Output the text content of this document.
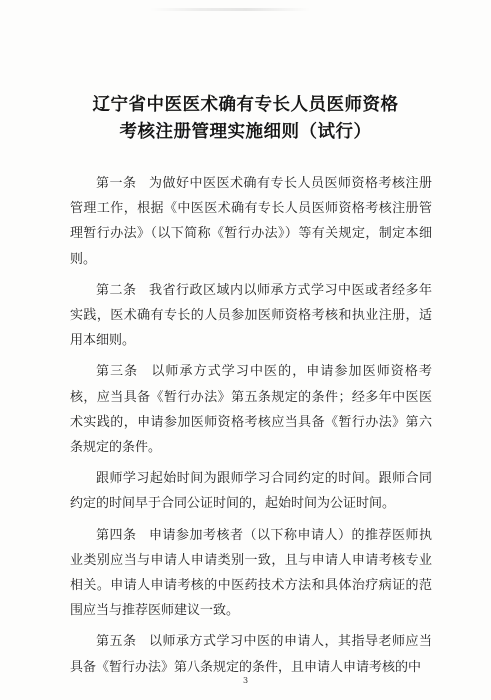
辽宁省中医医术确有专长人员医师资格
考核注册管理实施细则（试行）

第一条 为做好中医医术确有专长人员医师资格考核注册管理工作，根据《中医医术确有专长人员医师资格考核注册管理暂行办法》（以下简称《暂行办法》）等有关规定，制定本细则。

第二条 我省行政区域内以师承方式学习中医或者经多年实践，医术确有专长的人员参加医师资格考核和执业注册，适用本细则。

第三条 以师承方式学习中医的，申请参加医师资格考核，应当具备《暂行办法》第五条规定的条件；经多年中医医术实践的，申请参加医师资格考核应当具备《暂行办法》第六条规定的条件。

跟师学习起始时间为跟师学习合同约定的时间。跟师合同约定的时间早于合同公证时间的，起始时间为公证时间。

第四条 申请参加考核者（以下称申请人）的推荐医师执业类别应当与申请人申请类别一致，且与申请人申请考核专业相关。申请人申请考核的中医药技术方法和具体治疗病证的范围应当与推荐医师建议一致。

第五条 以师承方式学习中医的申请人，其指导老师应当具备《暂行办法》第八条规定的条件，且申请人申请考核的中

3
